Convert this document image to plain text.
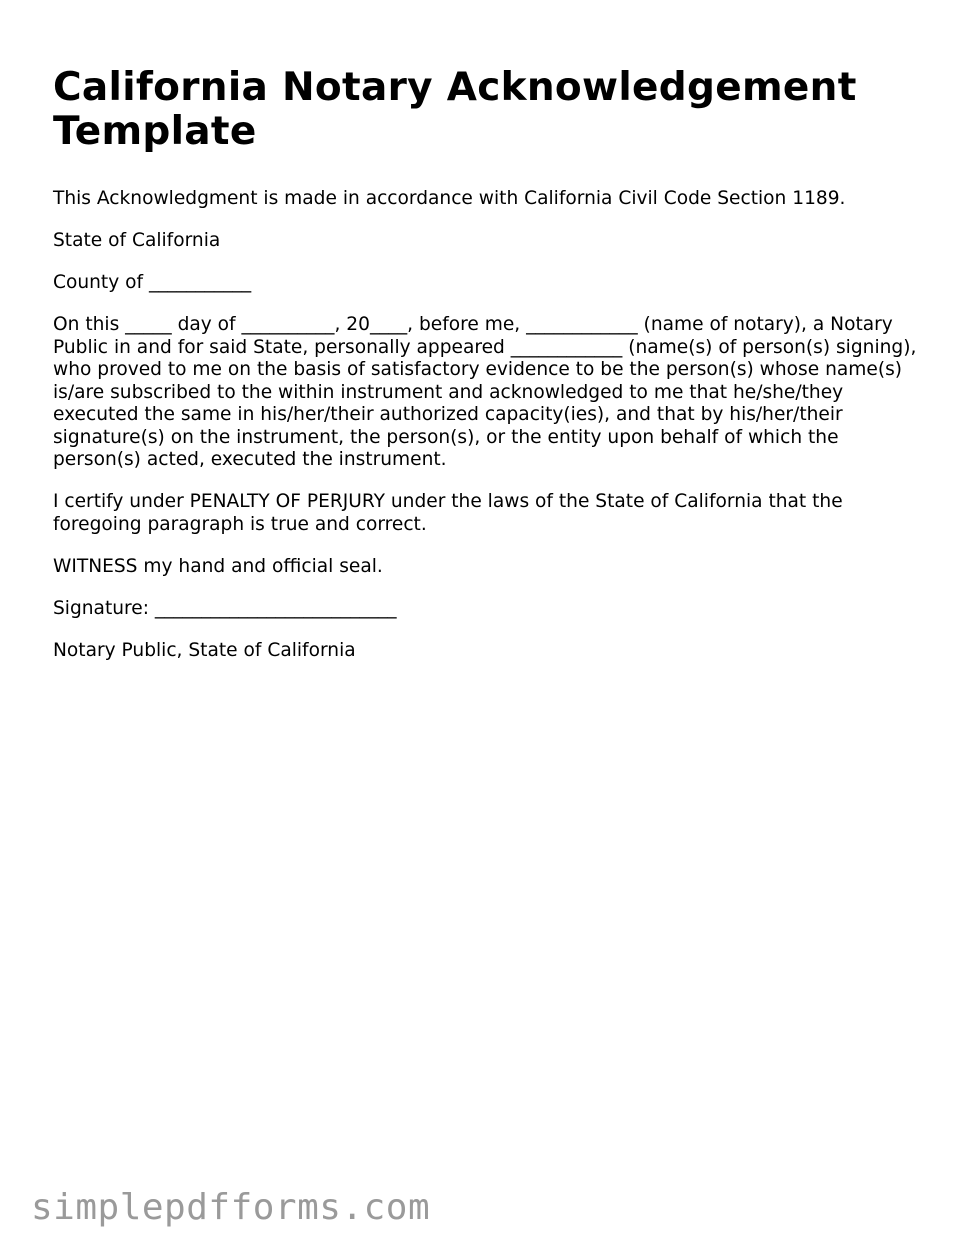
California Notary Acknowledgement Template

This Acknowledgment is made in accordance with California Civil Code Section 1189.

State of California

County of ___________

On this _____ day of __________, 20____, before me, ____________ (name of notary), a Notary Public in and for said State, personally appeared ____________ (name(s) of person(s) signing), who proved to me on the basis of satisfactory evidence to be the person(s) whose name(s) is/are subscribed to the within instrument and acknowledged to me that he/she/they executed the same in his/her/their authorized capacity(ies), and that by his/her/their signature(s) on the instrument, the person(s), or the entity upon behalf of which the person(s) acted, executed the instrument.

I certify under PENALTY OF PERJURY under the laws of the State of California that the foregoing paragraph is true and correct.

WITNESS my hand and official seal.

Signature: __________________________

Notary Public, State of California

simplepdfforms.com
